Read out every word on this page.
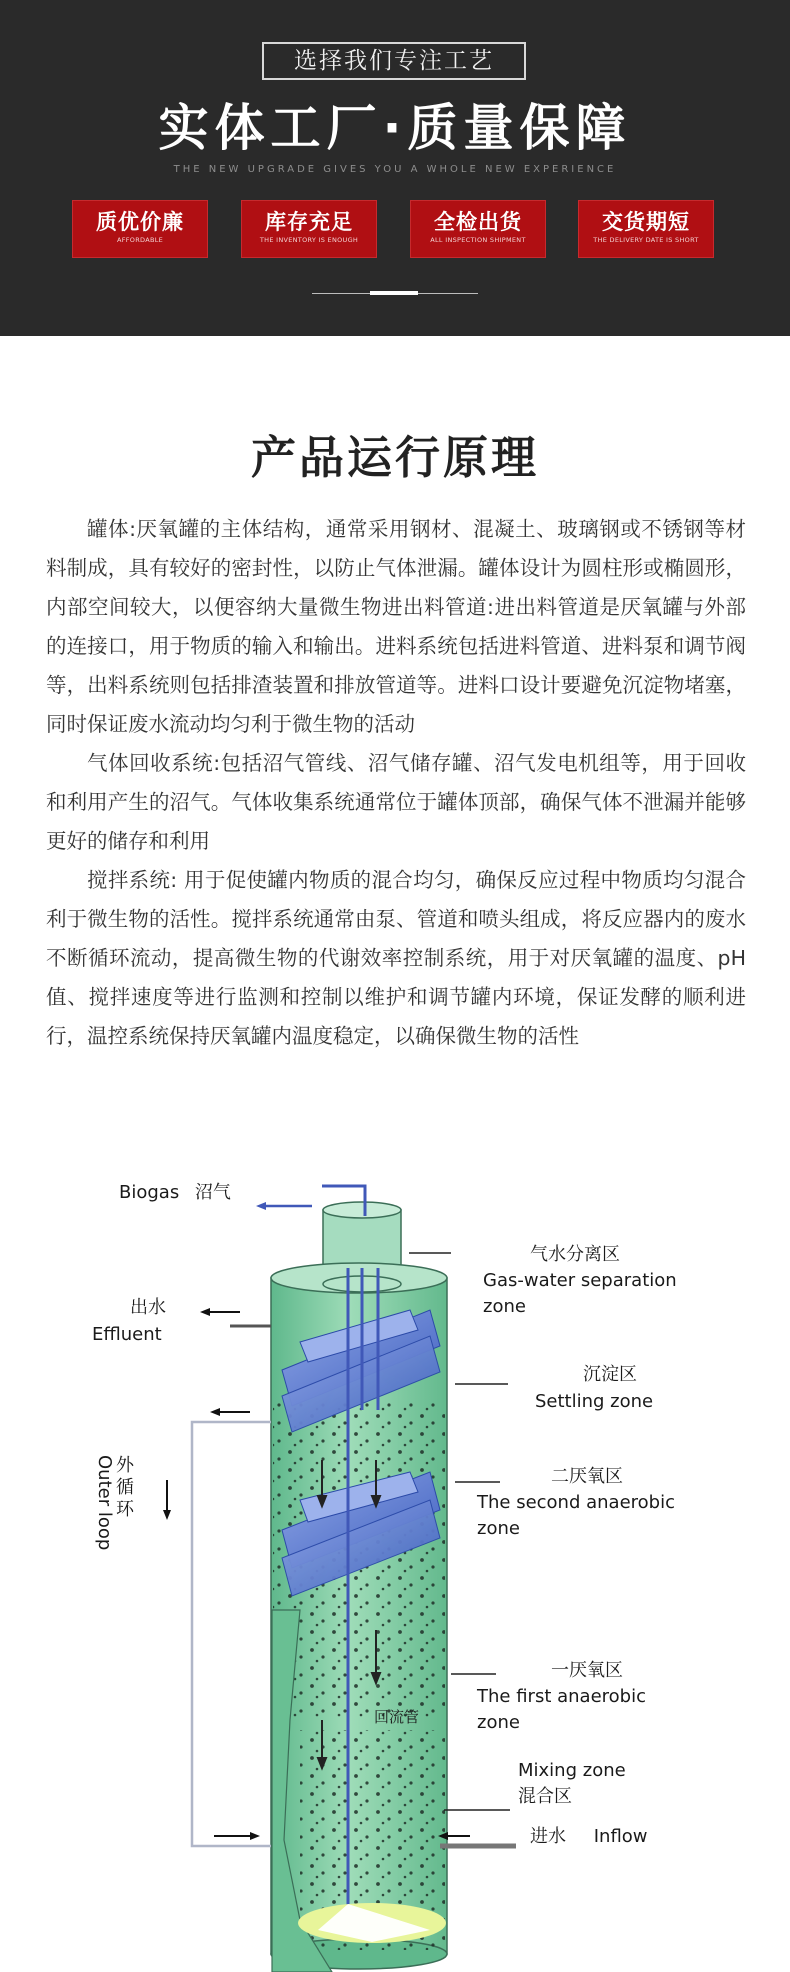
选择我们专注工艺
实体工厂·质量保障
THE NEW UPGRADE GIVES YOU A WHOLE NEW EXPERIENCE
质优价廉
AFFORDABLE
库存充足
THE INVENTORY IS ENOUGH
全检出货
ALL INSPECTION SHIPMENT
交货期短
THE DELIVERY DATE IS SHORT
产品运行原理

罐体:厌氧罐的主体结构，通常采用钢材、混凝土、玻璃钢或不锈钢等材料制成，具有较好的密封性，以防止气体泄漏。罐体设计为圆柱形或椭圆形，内部空间较大，以便容纳大量微生物进出料管道:进出料管道是厌氧罐与外部的连接口，用于物质的输入和输出。进料系统包括进料管道、进料泵和调节阀等，出料系统则包括排渣装置和排放管道等。进料口设计要避免沉淀物堵塞，同时保证废水流动均匀利于微生物的活动

气体回收系统:包括沼气管线、沼气储存罐、沼气发电机组等，用于回收和利用产生的沼气。气体收集系统通常位于罐体顶部，确保气体不泄漏并能够更好的储存和利用

搅拌系统: 用于促使罐内物质的混合均匀，确保反应过程中物质均匀混合利于微生物的活性。搅拌系统通常由泵、管道和喷头组成，将反应器内的废水不断循环流动，提高微生物的代谢效率控制系统，用于对厌氧罐的温度、pH值、搅拌速度等进行监测和控制以维护和调节罐内环境，保证发酵的顺利进行，温控系统保持厌氧罐内温度稳定，以确保微生物的活性

Biogas 沼气
出水
Effluent
外循环
Outer loop
气水分离区
Gas-water separation
zone
沉淀区
Settling zone
二厌氧区
The second anaerobic
zone
回流管
一厌氧区
The first anaerobic
zone
Mixing zone
混合区
进水 Inflow
